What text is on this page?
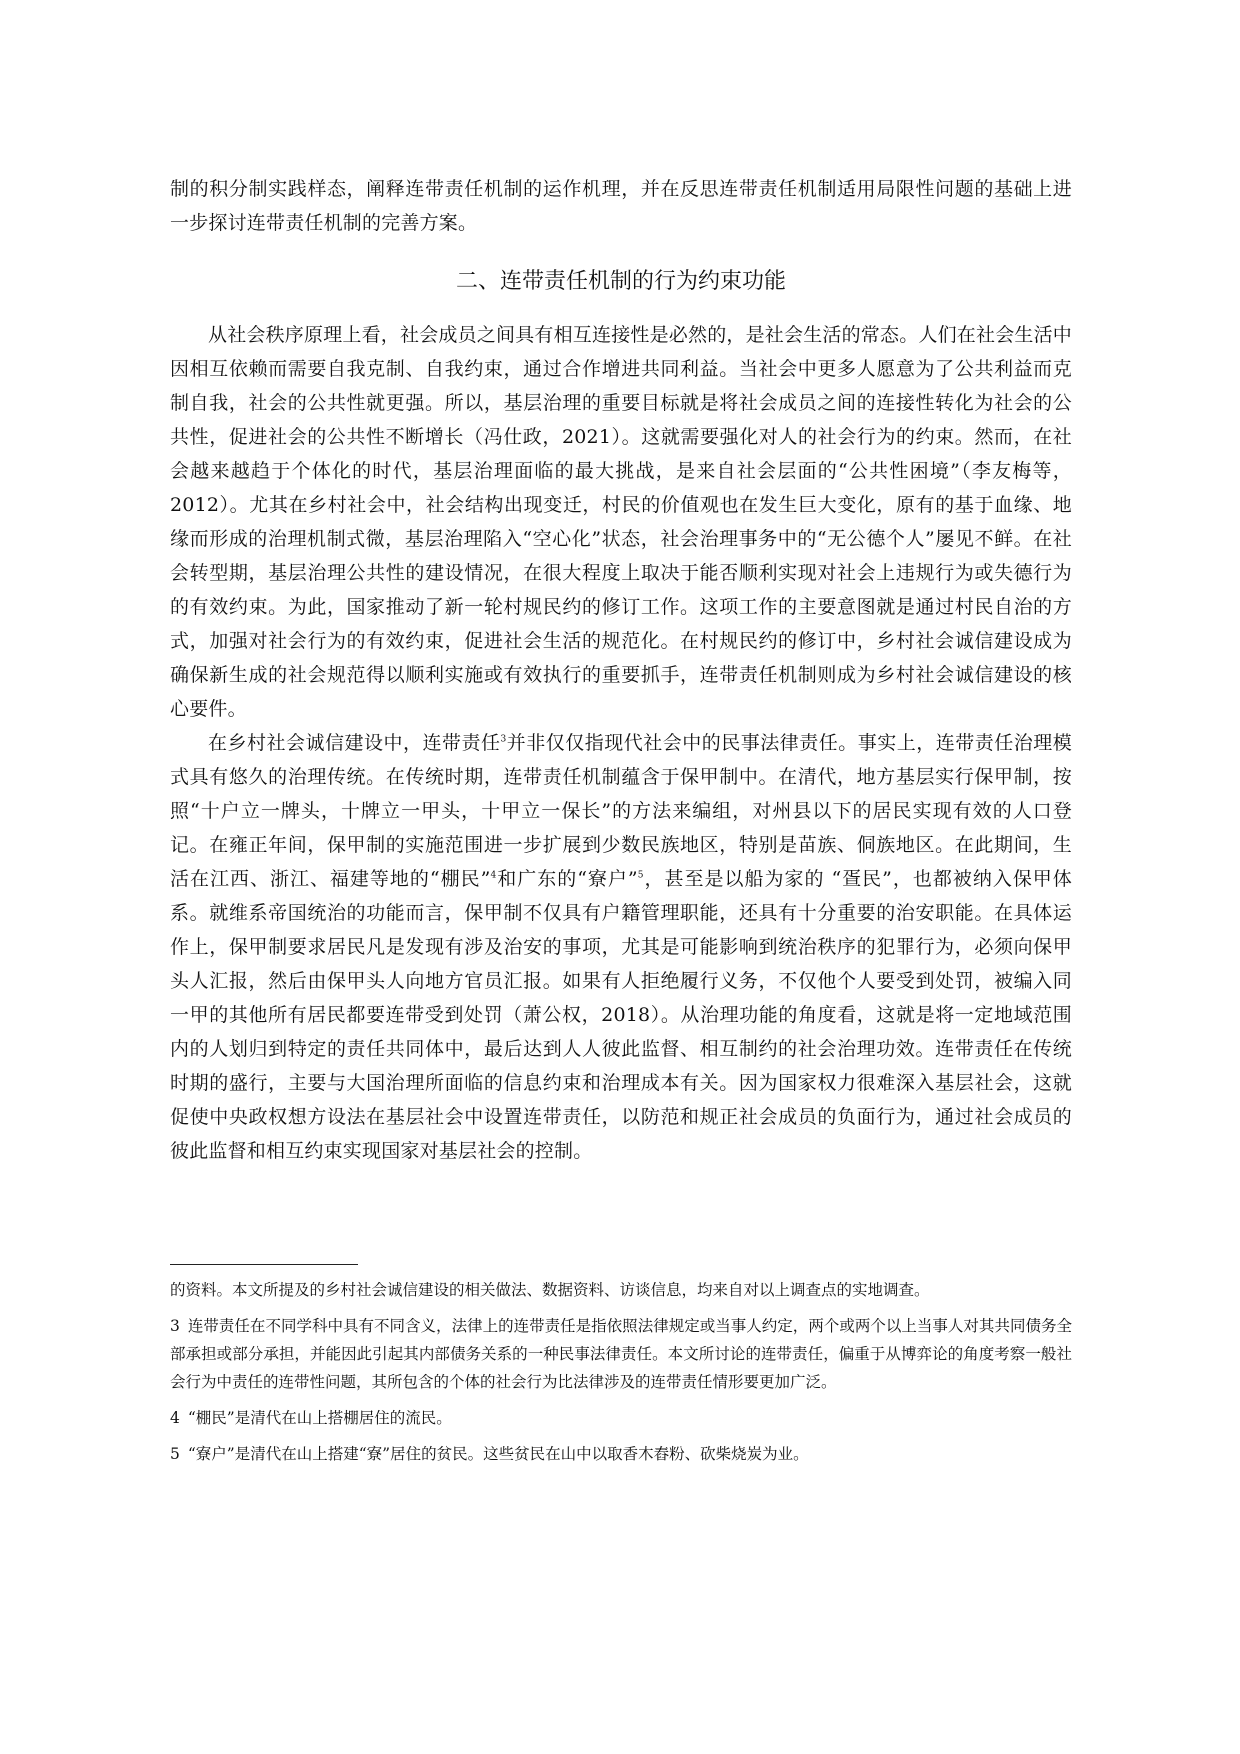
制的积分制实践样态，阐释连带责任机制的运作机理，并在反思连带责任机制适用局限性问题的基础上进一步探讨连带责任机制的完善方案。

二、连带责任机制的行为约束功能

从社会秩序原理上看，社会成员之间具有相互连接性是必然的，是社会生活的常态。人们在社会生活中因相互依赖而需要自我克制、自我约束，通过合作增进共同利益。当社会中更多人愿意为了公共利益而克制自我，社会的公共性就更强。所以，基层治理的重要目标就是将社会成员之间的连接性转化为社会的公共性，促进社会的公共性不断增长（冯仕政，2021）。这就需要强化对人的社会行为的约束。然而，在社会越来越趋于个体化的时代，基层治理面临的最大挑战，是来自社会层面的“公共性困境”（李友梅等，2012）。尤其在乡村社会中，社会结构出现变迁，村民的价值观也在发生巨大变化，原有的基于血缘、地缘而形成的治理机制式微，基层治理陷入“空心化”状态，社会治理事务中的“无公德个人”屡见不鲜。在社会转型期，基层治理公共性的建设情况，在很大程度上取决于能否顺利实现对社会上违规行为或失德行为的有效约束。为此，国家推动了新一轮村规民约的修订工作。这项工作的主要意图就是通过村民自治的方式，加强对社会行为的有效约束，促进社会生活的规范化。在村规民约的修订中，乡村社会诚信建设成为确保新生成的社会规范得以顺利实施或有效执行的重要抓手，连带责任机制则成为乡村社会诚信建设的核心要件。

在乡村社会诚信建设中，连带责任$^3$并非仅仅指现代社会中的民事法律责任。事实上，连带责任治理模式具有悠久的治理传统。在传统时期，连带责任机制蕴含于保甲制中。在清代，地方基层实行保甲制，按照“十户立一牌头，十牌立一甲头，十甲立一保长”的方法来编组，对州县以下的居民实现有效的人口登记。在雍正年间，保甲制的实施范围进一步扩展到少数民族地区，特别是苗族、侗族地区。在此期间，生活在江西、浙江、福建等地的“棚民”$^4$和广东的“寮户”$^5$，甚至是以船为家的 “疍民”，也都被纳入保甲体系。就维系帝国统治的功能而言，保甲制不仅具有户籍管理职能，还具有十分重要的治安职能。在具体运作上，保甲制要求居民凡是发现有涉及治安的事项，尤其是可能影响到统治秩序的犯罪行为，必须向保甲头人汇报，然后由保甲头人向地方官员汇报。如果有人拒绝履行义务，不仅他个人要受到处罚，被编入同一甲的其他所有居民都要连带受到处罚（萧公权，2018）。从治理功能的角度看，这就是将一定地域范围内的人划归到特定的责任共同体中，最后达到人人彼此监督、相互制约的社会治理功效。连带责任在传统时期的盛行，主要与大国治理所面临的信息约束和治理成本有关。因为国家权力很难深入基层社会，这就促使中央政权想方设法在基层社会中设置连带责任，以防范和规正社会成员的负面行为，通过社会成员的彼此监督和相互约束实现国家对基层社会的控制。

的资料。本文所提及的乡村社会诚信建设的相关做法、数据资料、访谈信息，均来自对以上调查点的实地调查。

3 连带责任在不同学科中具有不同含义，法律上的连带责任是指依照法律规定或当事人约定，两个或两个以上当事人对其共同债务全部承担或部分承担，并能因此引起其内部债务关系的一种民事法律责任。本文所讨论的连带责任，偏重于从博弈论的角度考察一般社会行为中责任的连带性问题，其所包含的个体的社会行为比法律涉及的连带责任情形要更加广泛。

4 “棚民”是清代在山上搭棚居住的流民。

5 “寮户”是清代在山上搭建“寮”居住的贫民。这些贫民在山中以取香木舂粉、砍柴烧炭为业。
